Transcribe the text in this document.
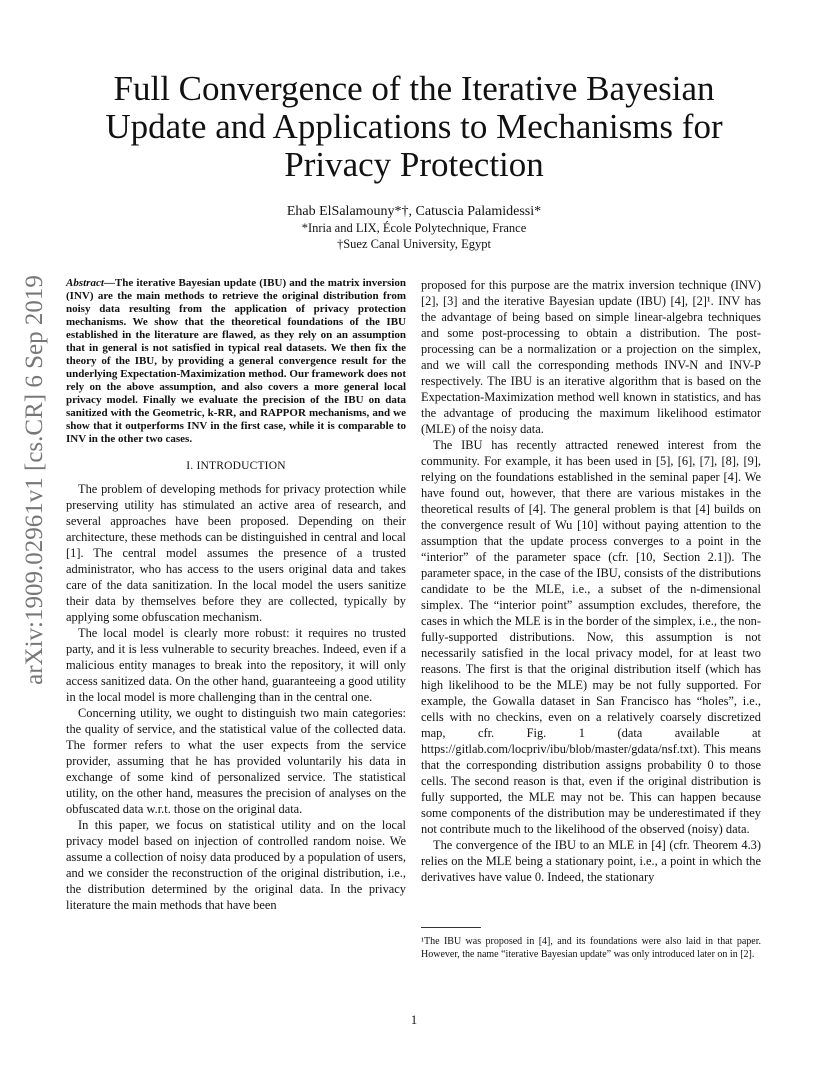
Full Convergence of the Iterative Bayesian Update and Applications to Mechanisms for Privacy Protection
Ehab ElSalamouny*†, Catuscia Palamidessi*
*Inria and LIX, École Polytechnique, France
†Suez Canal University, Egypt
arXiv:1909.02961v1 [cs.CR] 6 Sep 2019	Abstract—The iterative Bayesian update (IBU) and the matrix inversion (INV) are the main methods to retrieve the original distribution from noisy data resulting from the application of privacy protection mechanisms. We show that the theoretical foundations of the IBU established in the literature are flawed, as they rely on an assumption that in general is not satisfied in typical real datasets. We then fix the theory of the IBU, by providing a general convergence result for the underlying Expectation-Maximization method. Our framework does not rely on the above assumption, and also covers a more general local privacy model. Finally we evaluate the precision of the IBU on data sanitized with the Geometric, k-RR, and RAPPOR mechanisms, and we show that it outperforms INV in the first case, while it is comparable to INV in the other two cases.
I. INTRODUCTION

The problem of developing methods for privacy protection while preserving utility has stimulated an active area of research, and several approaches have been proposed. Depending on their architecture, these methods can be distinguished in central and local [1]. The central model assumes the presence of a trusted administrator, who has access to the users original data and takes care of the data sanitization. In the local model the users sanitize their data by themselves before they are collected, typically by applying some obfuscation mechanism.

The local model is clearly more robust: it requires no trusted party, and it is less vulnerable to security breaches. Indeed, even if a malicious entity manages to break into the repository, it will only access sanitized data. On the other hand, guaranteeing a good utility in the local model is more challenging than in the central one.

Concerning utility, we ought to distinguish two main categories: the quality of service, and the statistical value of the collected data. The former refers to what the user expects from the service provider, assuming that he has provided voluntarily his data in exchange of some kind of personalized service. The statistical utility, on the other hand, measures the precision of analyses on the obfuscated data w.r.t. those on the original data.

In this paper, we focus on statistical utility and on the local privacy model based on injection of controlled random noise. We assume a collection of noisy data produced by a population of users, and we consider the reconstruction of the original distribution, i.e., the distribution determined by the original data. In the privacy literature the main methods that have been

proposed for this purpose are the matrix inversion technique (INV) [2], [3] and the iterative Bayesian update (IBU) [4], [2]¹. INV has the advantage of being based on simple linear-algebra techniques and some post-processing to obtain a distribution. The post-processing can be a normalization or a projection on the simplex, and we will call the corresponding methods INV-N and INV-P respectively. The IBU is an iterative algorithm that is based on the Expectation-Maximization method well known in statistics, and has the advantage of producing the maximum likelihood estimator (MLE) of the noisy data.

The IBU has recently attracted renewed interest from the community. For example, it has been used in [5], [6], [7], [8], [9], relying on the foundations established in the seminal paper [4]. We have found out, however, that there are various mistakes in the theoretical results of [4]. The general problem is that [4] builds on the convergence result of Wu [10] without paying attention to the assumption that the update process converges to a point in the “interior” of the parameter space (cfr. [10, Section 2.1]). The parameter space, in the case of the IBU, consists of the distributions candidate to be the MLE, i.e., a subset of the n-dimensional simplex. The “interior point” assumption excludes, therefore, the cases in which the MLE is in the border of the simplex, i.e., the non-fully-supported distributions. Now, this assumption is not necessarily satisfied in the local privacy model, for at least two reasons. The first is that the original distribution itself (which has high likelihood to be the MLE) may be not fully supported. For example, the Gowalla dataset in San Francisco has “holes”, i.e., cells with no checkins, even on a relatively coarsely discretized map, cfr. Fig. 1 (data available at https://gitlab.com/locpriv/ibu/blob/master/gdata/nsf.txt). This means that the corresponding distribution assigns probability 0 to those cells. The second reason is that, even if the original distribution is fully supported, the MLE may not be. This can happen because some components of the distribution may be underestimated if they not contribute much to the likelihood of the observed (noisy) data.

The convergence of the IBU to an MLE in [4] (cfr. Theorem 4.3) relies on the MLE being a stationary point, i.e., a point in which the derivatives have value 0. Indeed, the stationary

¹The IBU was proposed in [4], and its foundations were also laid in that paper. However, the name “iterative Bayesian update” was only introduced later on in [2].
1
